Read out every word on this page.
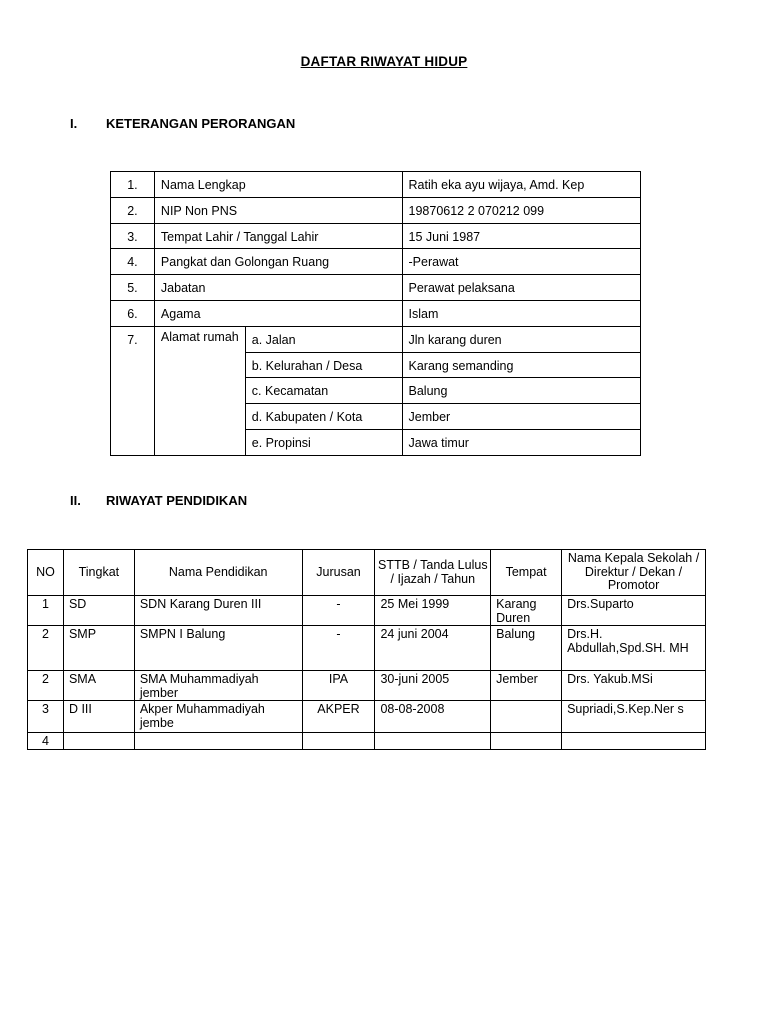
DAFTAR RIWAYAT HIDUP
I. KETERANGAN PERORANGAN
1.	Nama Lengkap		Ratih eka ayu wijaya, Amd. Kep
2.	NIP Non PNS		19870612 2 070212 099
3.	Tempat Lahir / Tanggal Lahir		15 Juni 1987
4.	Pangkat dan Golongan Ruang		-Perawat
5.	Jabatan		Perawat pelaksana
6.	Agama		Islam
7.	Alamat rumah	a. Jalan	Jln karang duren
		b. Kelurahan / Desa	Karang semanding
		c. Kecamatan	Balung
		d. Kabupaten / Kota	Jember
		e. Propinsi	Jawa timur
II. RIWAYAT PENDIDIKAN
NO	Tingkat	Nama Pendidikan	Jurusan	STTB / Tanda Lulus / Ijazah / Tahun	Tempat	Nama Kepala Sekolah / Direktur / Dekan / Promotor
1	SD	SDN Karang Duren III	-	25 Mei 1999	Karang Duren	Drs.Suparto
2	SMP	SMPN I Balung	-	24 juni 2004	Balung	Drs.H. Abdullah,Spd.SH. MH
2	SMA	SMA Muhammadiyah jember	IPA	30-juni 2005	Jember	Drs. Yakub.MSi
3	D III	Akper Muhammadiyah jembe	AKPER	08-08-2008		Supriadi,S.Kep.Ner s
4						
